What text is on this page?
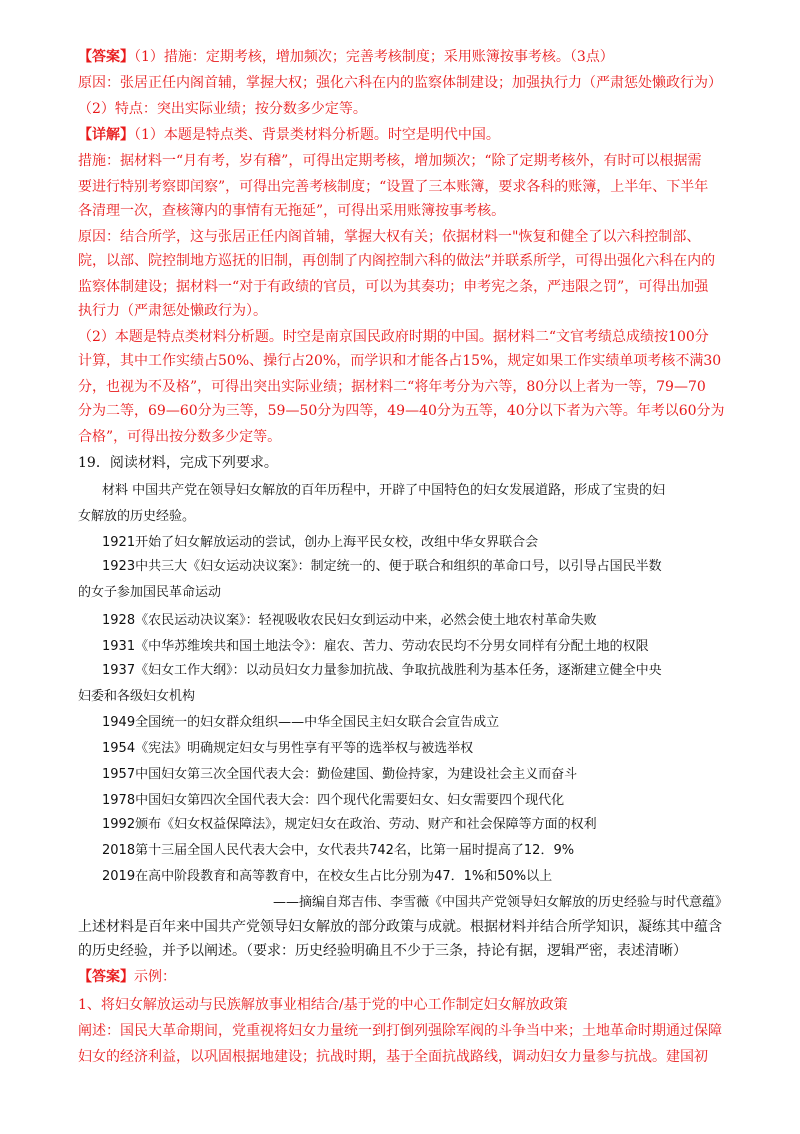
【答案】（1）措施：定期考核，增加频次；完善考核制度；采用账簿按事考核。（3点）
原因：张居正任内阁首辅，掌握大权；强化六科在内的监察体制建设；加强执行力（严肃惩处懒政行为）
（2）特点：突出实际业绩；按分数多少定等。
【详解】（1）本题是特点类、背景类材料分析题。时空是明代中国。
措施：据材料一“月有考，岁有稽”，可得出定期考核，增加频次；“除了定期考核外，有时可以根据需
要进行特别考察即闰察”，可得出完善考核制度；“设置了三本账簿，要求各科的账簿，上半年、下半年
各清理一次，查核簿内的事情有无拖延”，可得出采用账簿按事考核。
原因：结合所学，这与张居正任内阁首辅，掌握大权有关；依据材料一"恢复和健全了以六科控制部、
院，以部、院控制地方巡抚的旧制，再创制了内阁控制六科的做法”并联系所学，可得出强化六科在内的
监察体制建设；据材料一“对于有政绩的官员，可以为其奏功；申考宪之条，严违限之罚”，可得出加强
执行力（严肃惩处懒政行为）。
（2）本题是特点类材料分析题。时空是南京国民政府时期的中国。据材料二“文官考绩总成绩按100分
计算，其中工作实绩占50%、操行占20%，而学识和才能各占15%，规定如果工作实绩单项考核不满30
分，也视为不及格”，可得出突出实际业绩；据材料二“将年考分为六等，80分以上者为一等，79—70
分为二等，69—60分为三等，59—50分为四等，49—40分为五等，40分以下者为六等。年考以60分为
合格”，可得出按分数多少定等。
19．阅读材料，完成下列要求。
材料 中国共产党在领导妇女解放的百年历程中，开辟了中国特色的妇女发展道路，形成了宝贵的妇
女解放的历史经验。
1921开始了妇女解放运动的尝试，创办上海平民女校，改组中华女界联合会
1923中共三大《妇女运动决议案》：制定统一的、便于联合和组织的革命口号，以引导占国民半数
的女子参加国民革命运动
1928《农民运动决议案》：轻视吸收农民妇女到运动中来，必然会使土地农村革命失败
1931《中华苏维埃共和国土地法令》：雇农、苦力、劳动农民均不分男女同样有分配土地的权限
1937《妇女工作大纲》：以动员妇女力量参加抗战、争取抗战胜利为基本任务，逐渐建立健全中央
妇委和各级妇女机构
1949全国统一的妇女群众组织——中华全国民主妇女联合会宣告成立
1954《宪法》明确规定妇女与男性享有平等的选举权与被选举权
1957中国妇女第三次全国代表大会：勤俭建国、勤俭持家，为建设社会主义而奋斗
1978中国妇女第四次全国代表大会：四个现代化需要妇女、妇女需要四个现代化
1992颁布《妇女权益保障法》，规定妇女在政治、劳动、财产和社会保障等方面的权利
2018第十三届全国人民代表大会中，女代表共742名，比第一届时提高了12．9%
2019在高中阶段教育和高等教育中，在校女生占比分别为47．1%和50%以上
——摘编自郑吉伟、李雪薇《中国共产党领导妇女解放的历史经验与时代意蕴》
上述材料是百年来中国共产党领导妇女解放的部分政策与成就。根据材料并结合所学知识，凝练其中蕴含
的历史经验，并予以阐述。（要求：历史经验明确且不少于三条，持论有据，逻辑严密，表述清晰）
【答案】示例：
1、将妇女解放运动与民族解放事业相结合/基于党的中心工作制定妇女解放政策
阐述：国民大革命期间，党重视将妇女力量统一到打倒列强除军阀的斗争当中来；土地革命时期通过保障
妇女的经济利益，以巩固根据地建设；抗战时期，基于全面抗战路线，调动妇女力量参与抗战。建国初
